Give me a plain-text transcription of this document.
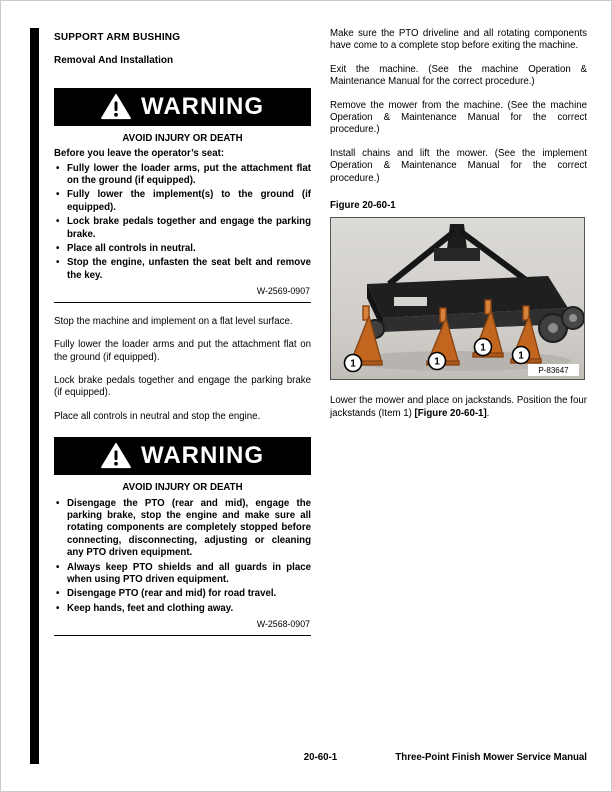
SUPPORT ARM BUSHING
Removal And Installation
WARNING
AVOID INJURY OR DEATH
Before you leave the operator’s seat:
• Fully lower the loader arms, put the attachment flat on the ground (if equipped).
• Fully lower the implement(s) to the ground (if equipped).
• Lock brake pedals together and engage the parking brake.
• Place all controls in neutral.
• Stop the engine, unfasten the seat belt and remove the key.
W-2569-0907

Stop the machine and implement on a flat level surface.

Fully lower the loader arms and put the attachment flat on the ground (if equipped).

Lock brake pedals together and engage the parking brake (if equipped).

Place all controls in neutral and stop the engine.

WARNING
AVOID INJURY OR DEATH
• Disengage the PTO (rear and mid), engage the parking brake, stop the engine and make sure all rotating components are completely stopped before connecting, disconnecting, adjusting or cleaning any PTO driven equipment.
• Always keep PTO shields and all guards in place when using PTO driven equipment.
• Disengage PTO (rear and mid) for road travel.
• Keep hands, feet and clothing away.
W-2568-0907

Make sure the PTO driveline and all rotating components have come to a complete stop before exiting the machine.

Exit the machine. (See the machine Operation & Maintenance Manual for the correct procedure.)

Remove the mower from the machine. (See the machine Operation & Maintenance Manual for the correct procedure.)

Install chains and lift the mower. (See the implement Operation & Maintenance Manual for the correct procedure.)

Figure 20-60-1
1	1
1
1
P-83647

Lower the mower and place on jackstands. Position the four jackstands (Item 1) [Figure 20-60-1].

20-60-1	Three-Point Finish Mower Service Manual
